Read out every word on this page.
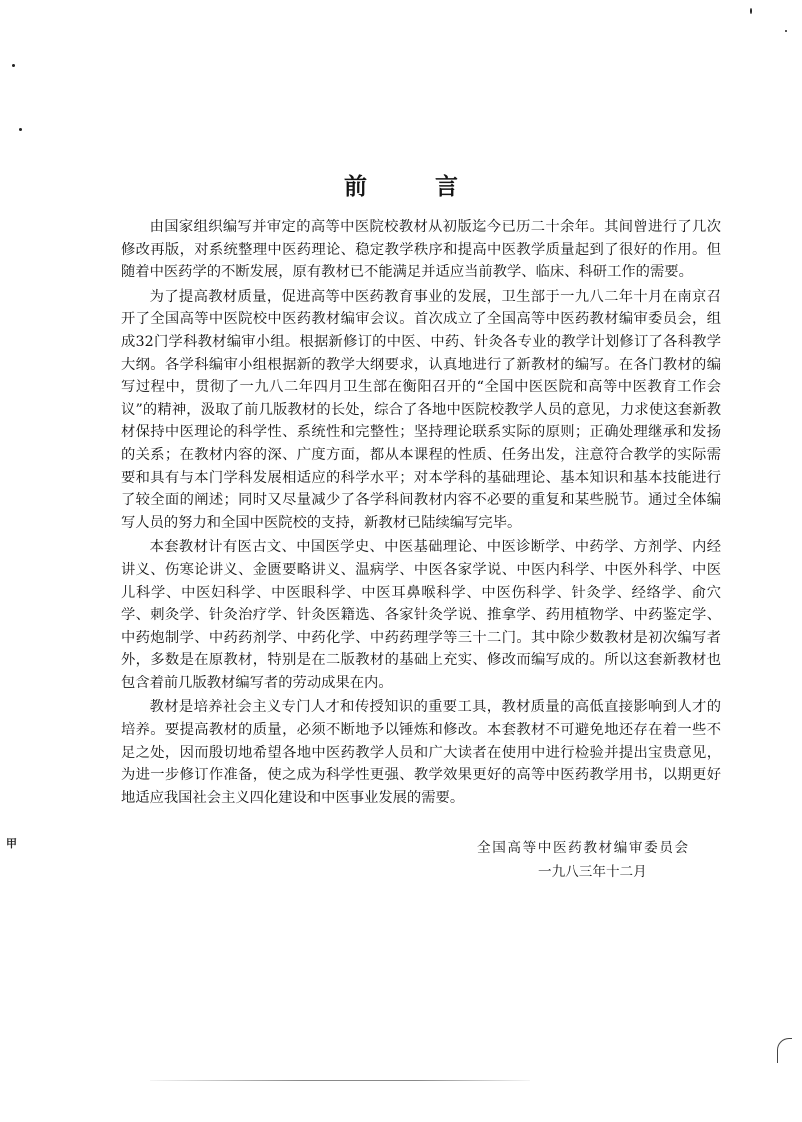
前 言

由国家组织编写并审定的高等中医院校教材从初版迄今已历二十余年。其间曾进行了几次修改再版，对系统整理中医药理论、稳定教学秩序和提高中医教学质量起到了很好的作用。但随着中医药学的不断发展，原有教材已不能满足并适应当前教学、临床、科研工作的需要。

为了提高教材质量，促进高等中医药教育事业的发展，卫生部于一九八二年十月在南京召开了全国高等中医院校中医药教材编审会议。首次成立了全国高等中医药教材编审委员会，组成32门学科教材编审小组。根据新修订的中医、中药、针灸各专业的教学计划修订了各科教学大纲。各学科编审小组根据新的教学大纲要求，认真地进行了新教材的编写。在各门教材的编写过程中，贯彻了一九八二年四月卫生部在衡阳召开的“全国中医医院和高等中医教育工作会议”的精神，汲取了前几版教材的长处，综合了各地中医院校教学人员的意见，力求使这套新教材保持中医理论的科学性、系统性和完整性；坚持理论联系实际的原则；正确处理继承和发扬的关系；在教材内容的深、广度方面，都从本课程的性质、任务出发，注意符合教学的实际需要和具有与本门学科发展相适应的科学水平；对本学科的基础理论、基本知识和基本技能进行了较全面的阐述；同时又尽量减少了各学科间教材内容不必要的重复和某些脱节。通过全体编写人员的努力和全国中医院校的支持，新教材已陆续编写完毕。

本套教材计有医古文、中国医学史、中医基础理论、中医诊断学、中药学、方剂学、内经讲义、伤寒论讲义、金匮要略讲义、温病学、中医各家学说、中医内科学、中医外科学、中医儿科学、中医妇科学、中医眼科学、中医耳鼻喉科学、中医伤科学、针灸学、经络学、俞穴学、刺灸学、针灸治疗学、针灸医籍选、各家针灸学说、推拿学、药用植物学、中药鉴定学、中药炮制学、中药药剂学、中药化学、中药药理学等三十二门。其中除少数教材是初次编写者外，多数是在原教材，特别是在二版教材的基础上充实、修改而编写成的。所以这套新教材也包含着前几版教材编写者的劳动成果在内。

教材是培养社会主义专门人才和传授知识的重要工具，教材质量的高低直接影响到人才的培养。要提高教材的质量，必须不断地予以锤炼和修改。本套教材不可避免地还存在着一些不足之处，因而殷切地希望各地中医药教学人员和广大读者在使用中进行检验并提出宝贵意见，为进一步修订作准备，使之成为科学性更强、教学效果更好的高等中医药教学用书，以期更好地适应我国社会主义四化建设和中医事业发展的需要。

全国高等中医药教材编审委员会
一九八三年十二月
甲
